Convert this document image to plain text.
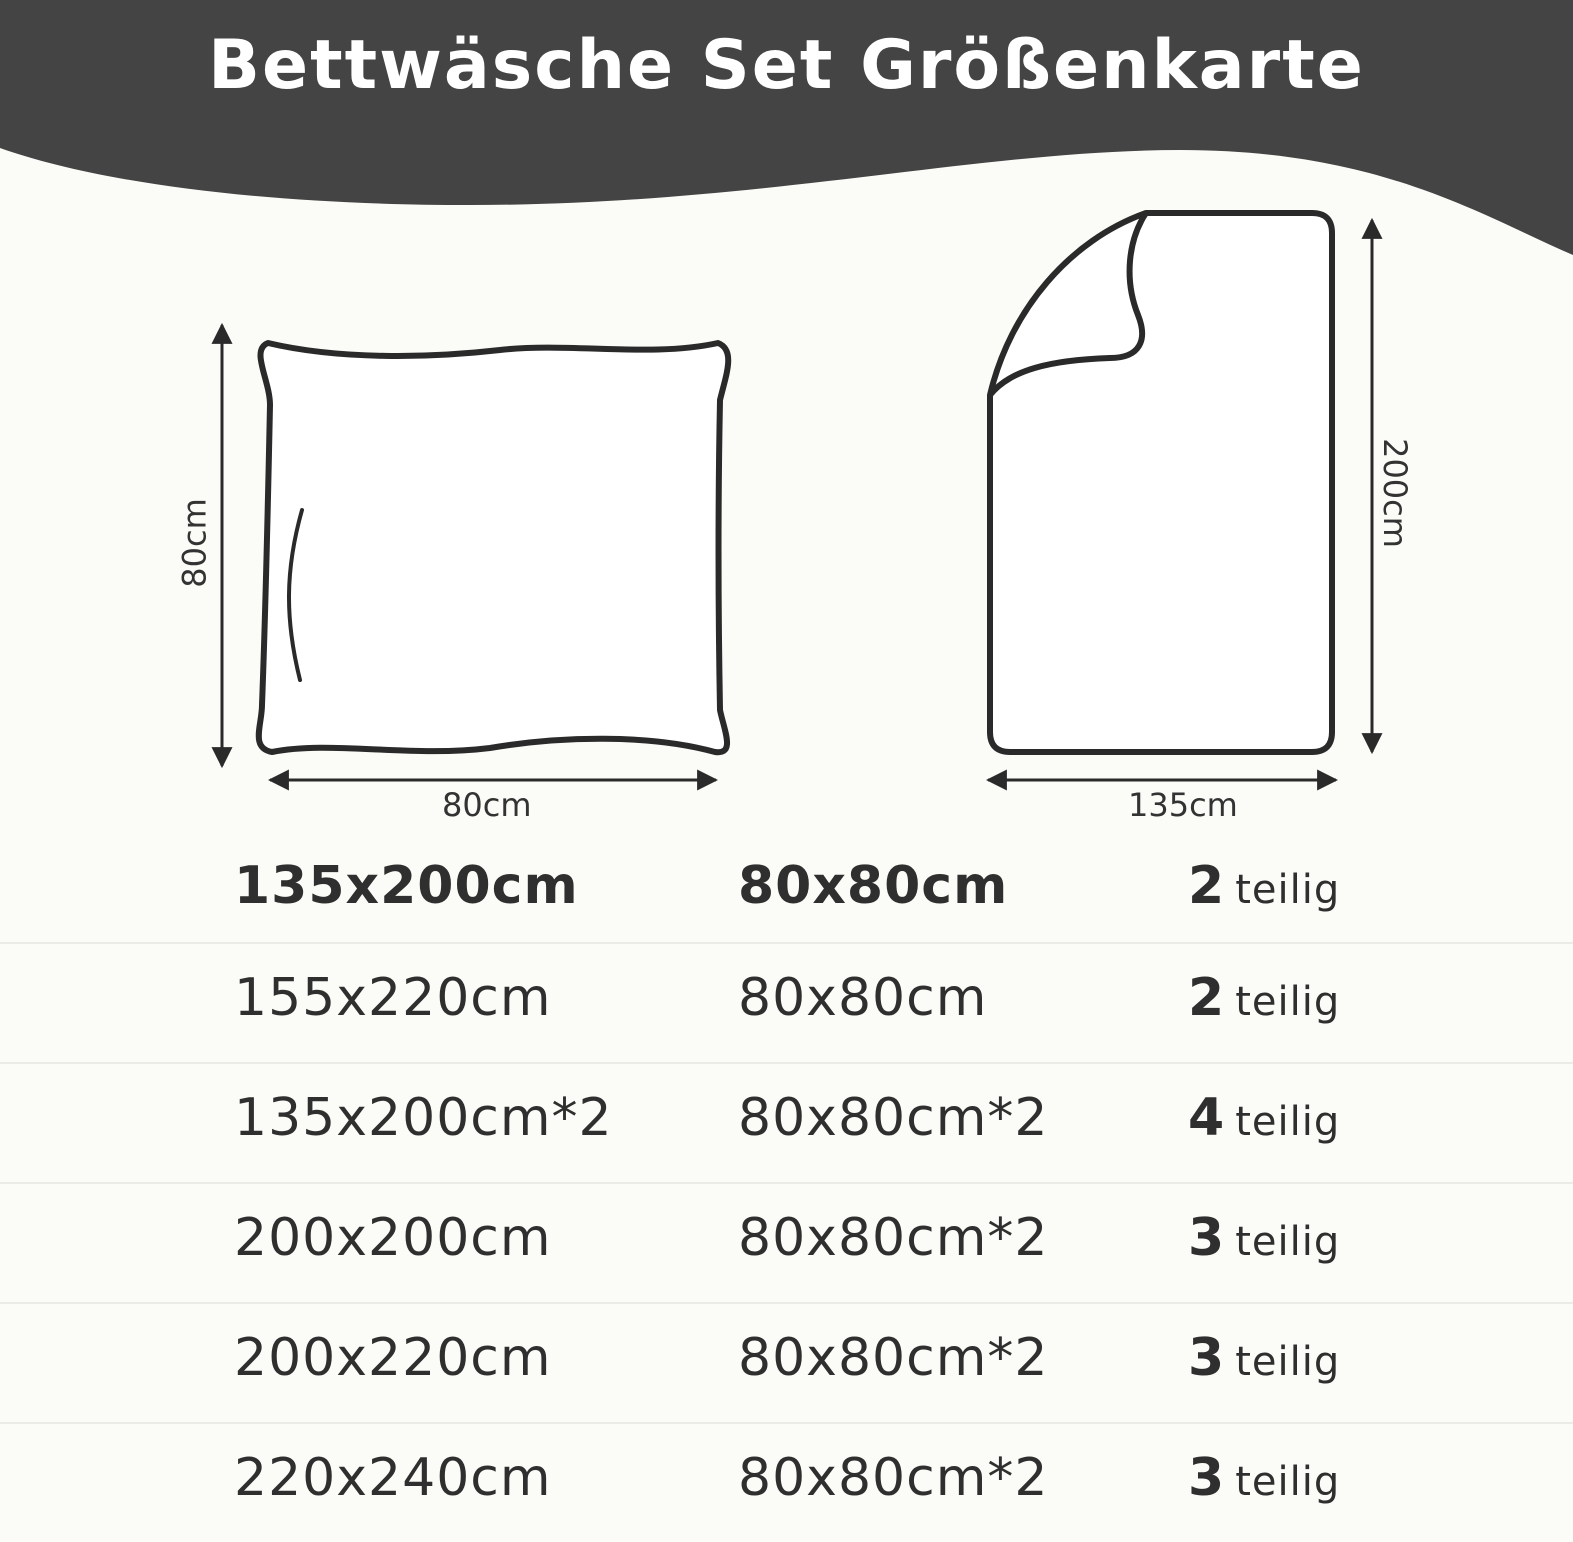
Bettwäsche Set Größenkarte
80cm
80cm
200cm
135cm
135x200cm	80x80cm	2 teilig
155x220cm	80x80cm	2 teilig
135x200cm*2 80x80cm*2	4 teilig
200x200cm	80x80cm*2	3 teilig
200x220cm	80x80cm*2	3 teilig
220x240cm	80x80cm*2	3 teilig
